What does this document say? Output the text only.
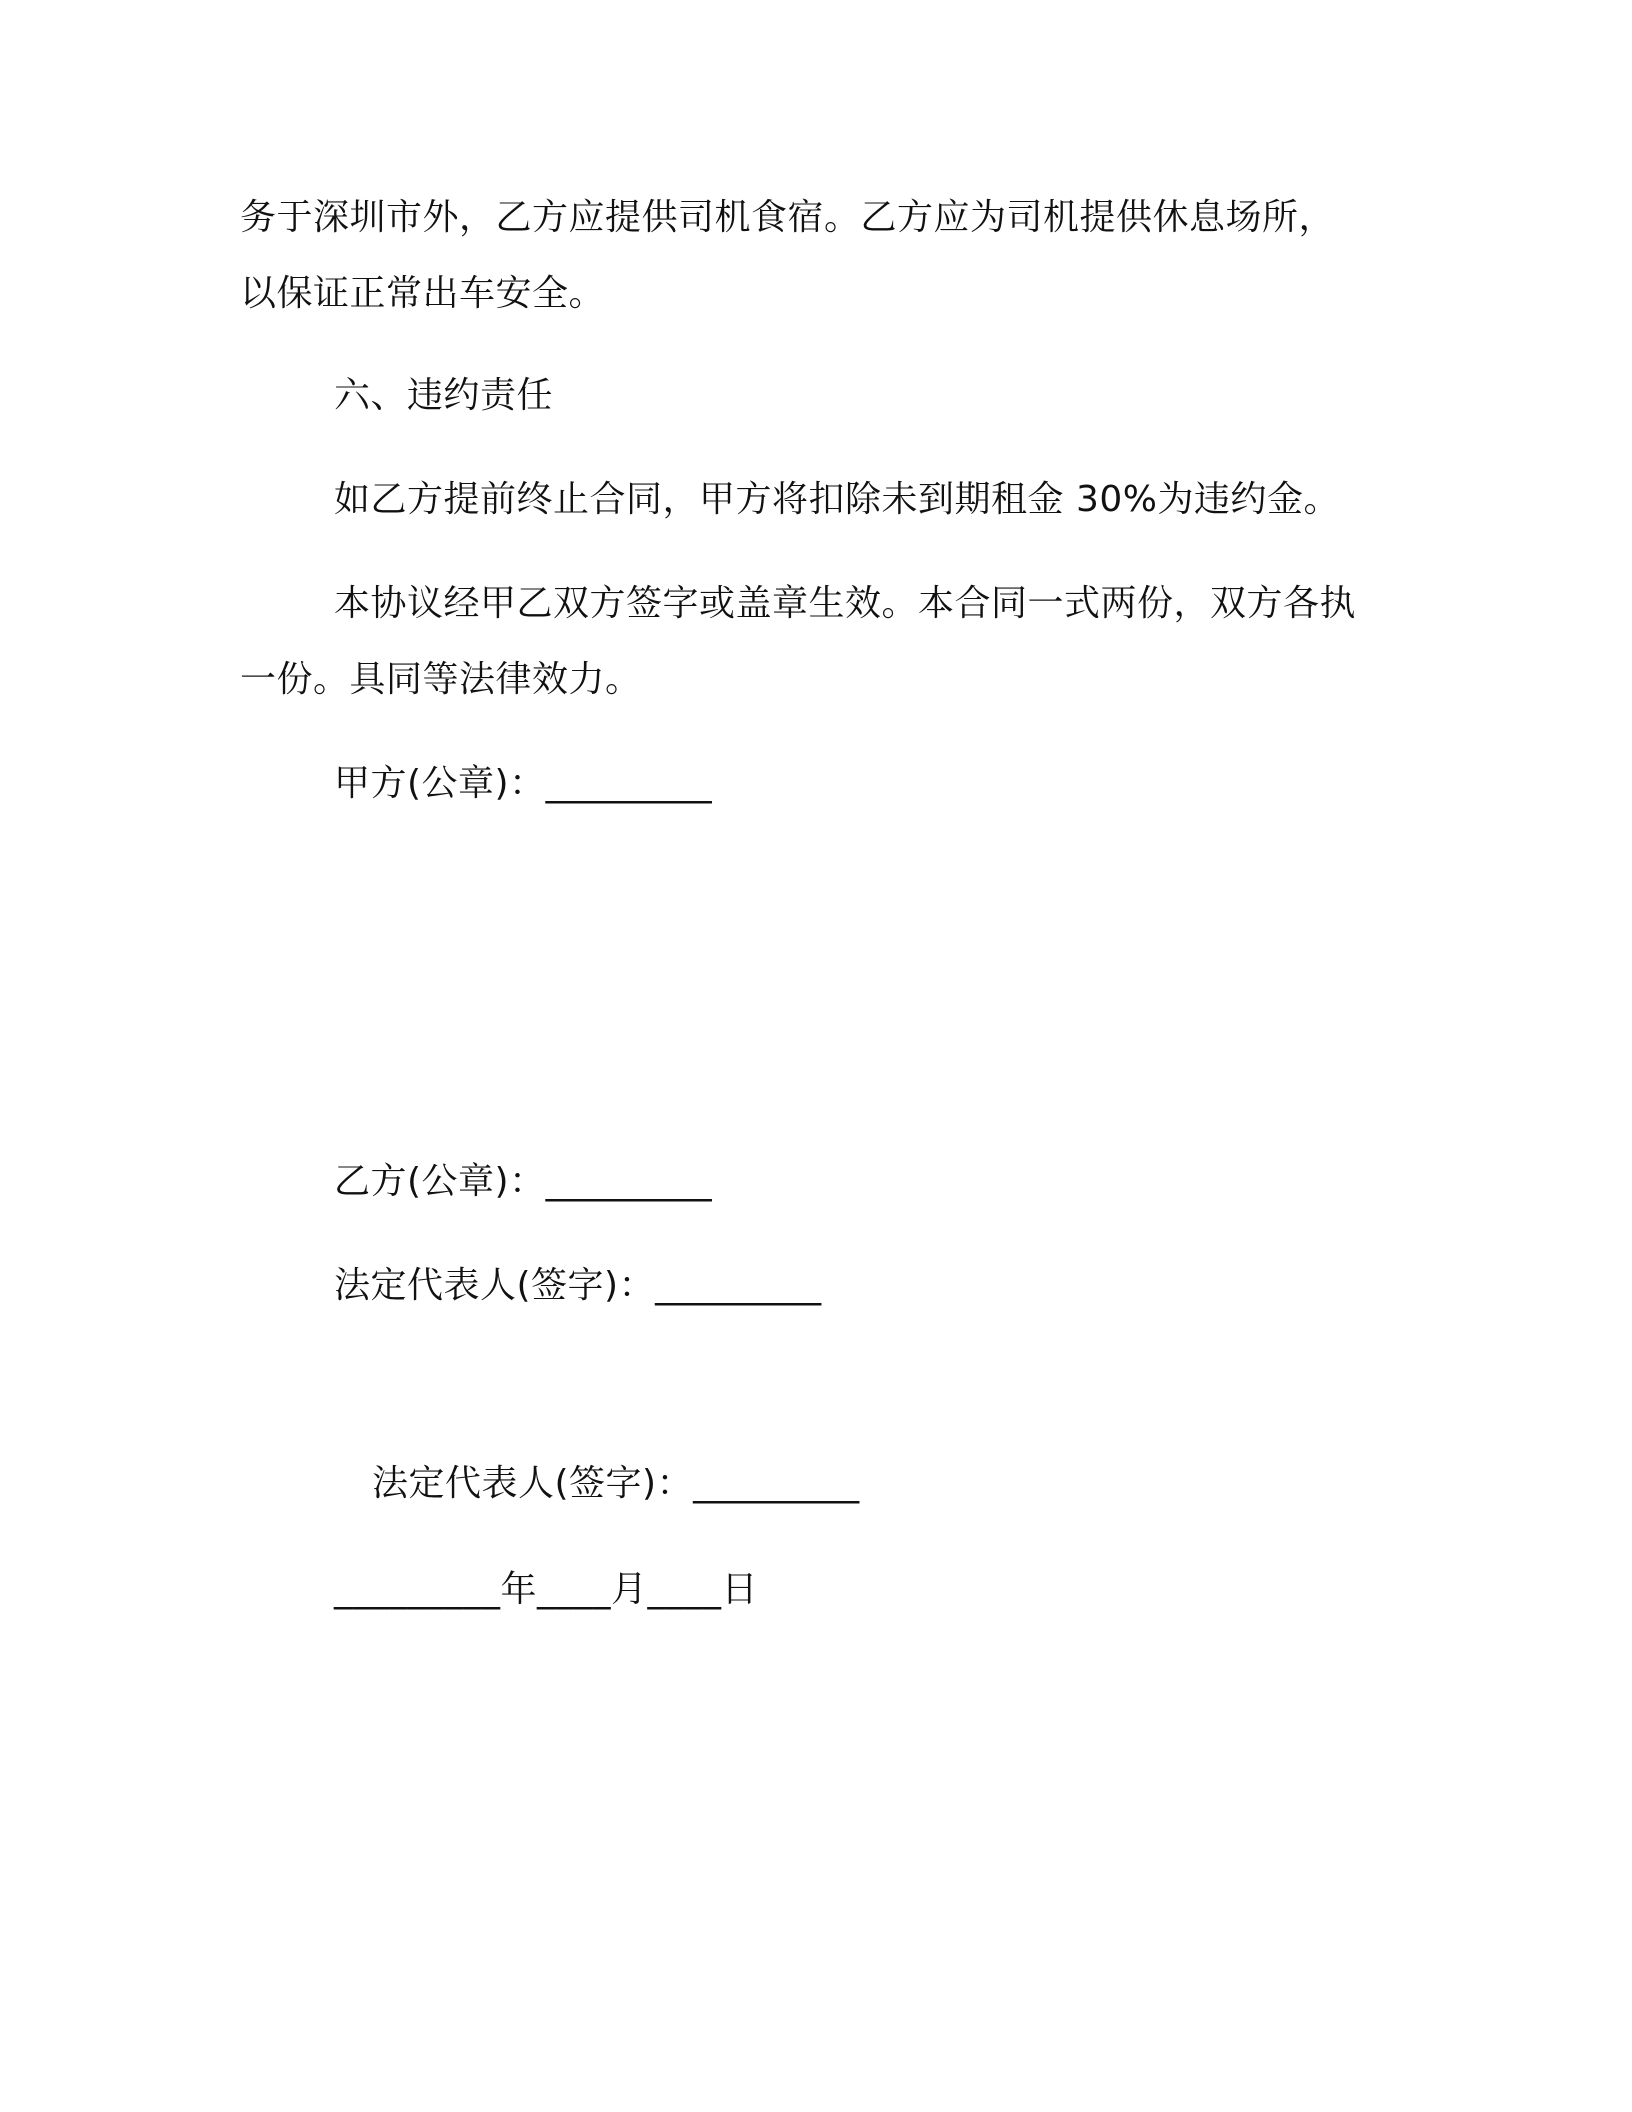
务于深圳市外，乙方应提供司机食宿。乙方应为司机提供休息场所，
以保证正常出车安全。
六、违约责任
如乙方提前终止合同，甲方将扣除未到期租金 30%为违约金。
本协议经甲乙双方签字或盖章生效。本合同一式两份，双方各执
一份。具同等法律效力。
甲方(公章)：_________
乙方(公章)：_________
法定代表人(签字)：_________
法定代表人(签字)：_________
_________年____月____日
